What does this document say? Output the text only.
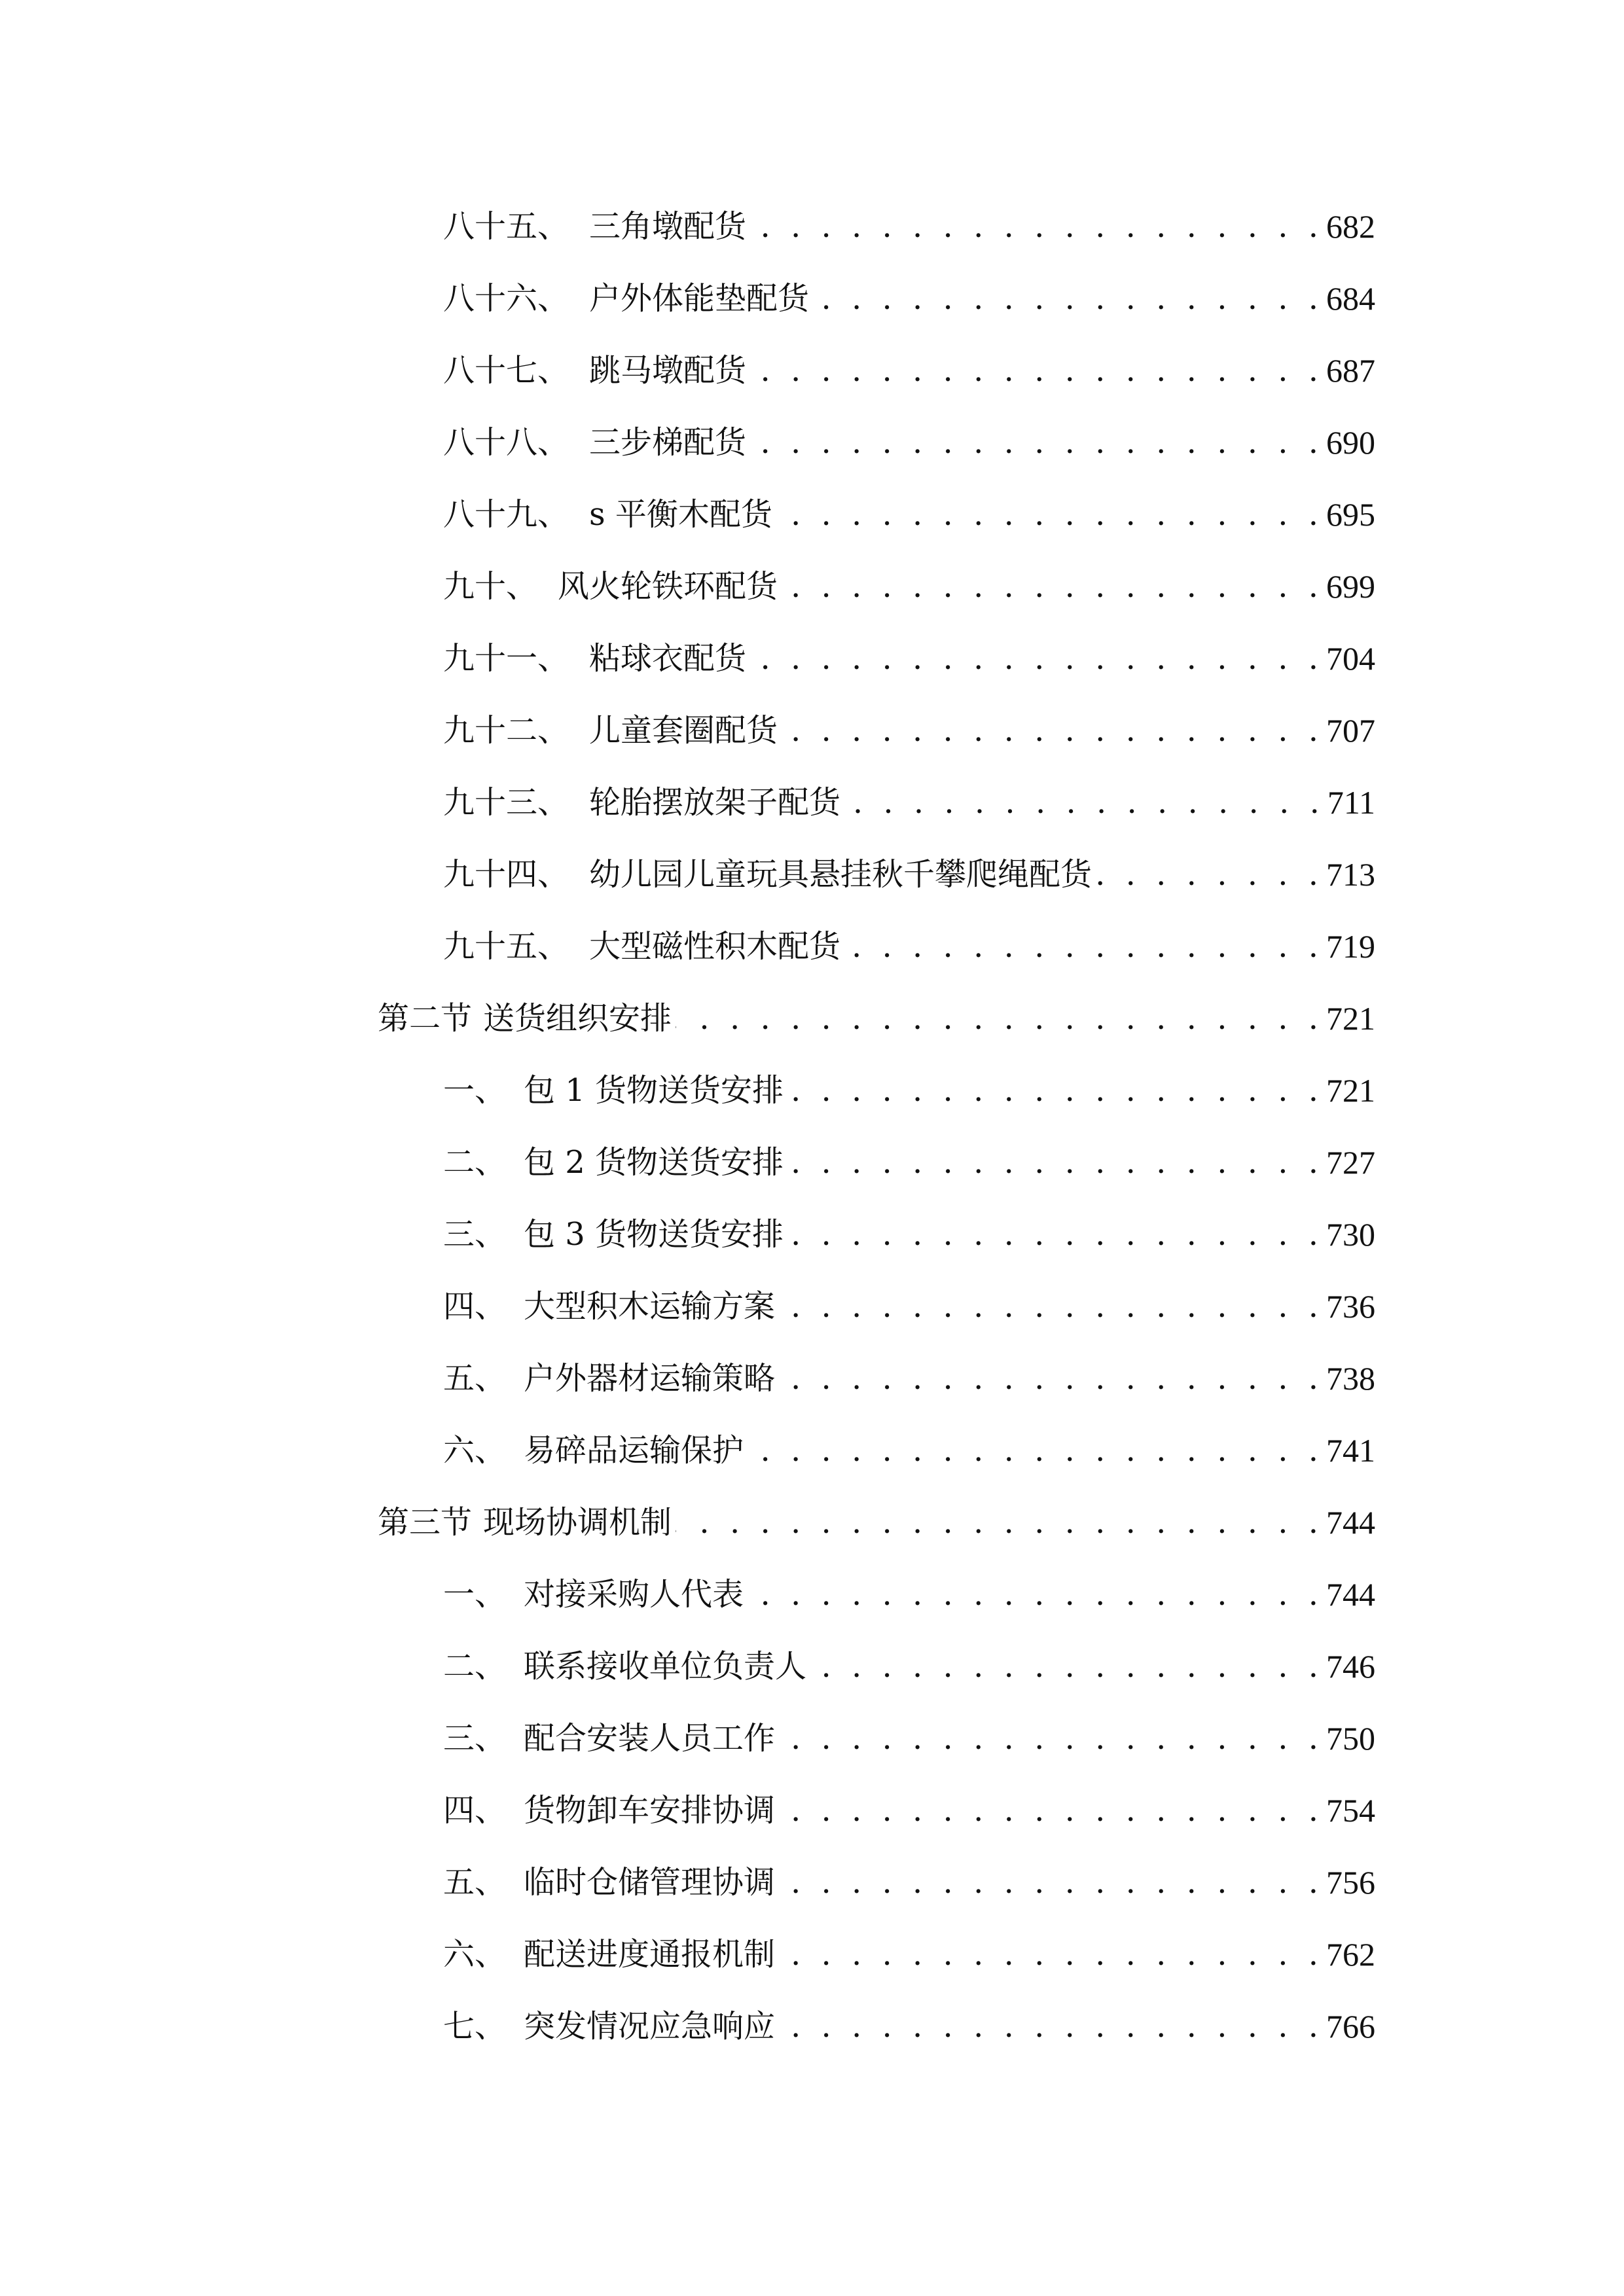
八十五、 三角墩配货 . . .	682
八十六、 户外体能垫配货 . . .	684
八十七、 跳马墩配货 . . .	687
八十八、 三步梯配货 . . .	690
八十九、 s 平衡木配货 . . .	695
九十、 风火轮铁环配货 . . .	699
九十一、 粘球衣配货 . . .	704
九十二、 儿童套圈配货 . . .	707
九十三、 轮胎摆放架子配货 . . .	711
九十四、 幼儿园儿童玩具悬挂秋千攀爬绳配货 . . .	713
九十五、 大型磁性积木配货 . . .	719
第二节 送货组织安排 . . .	721
一、 包 1 货物送货安排 . . .	721
二、 包 2 货物送货安排 . . .	727
三、 包 3 货物送货安排 . . .	730
四、 大型积木运输方案 . . .	736
五、 户外器材运输策略 . . .	738
六、 易碎品运输保护 . . .	741
第三节 现场协调机制 . . .	744
一、 对接采购人代表 . . .	744
二、 联系接收单位负责人 . . .	746
三、 配合安装人员工作 . . .	750
四、 货物卸车安排协调 . . .	754
五、 临时仓储管理协调 . . .	756
六、 配送进度通报机制 . . .	762
七、 突发情况应急响应 . . .	766
